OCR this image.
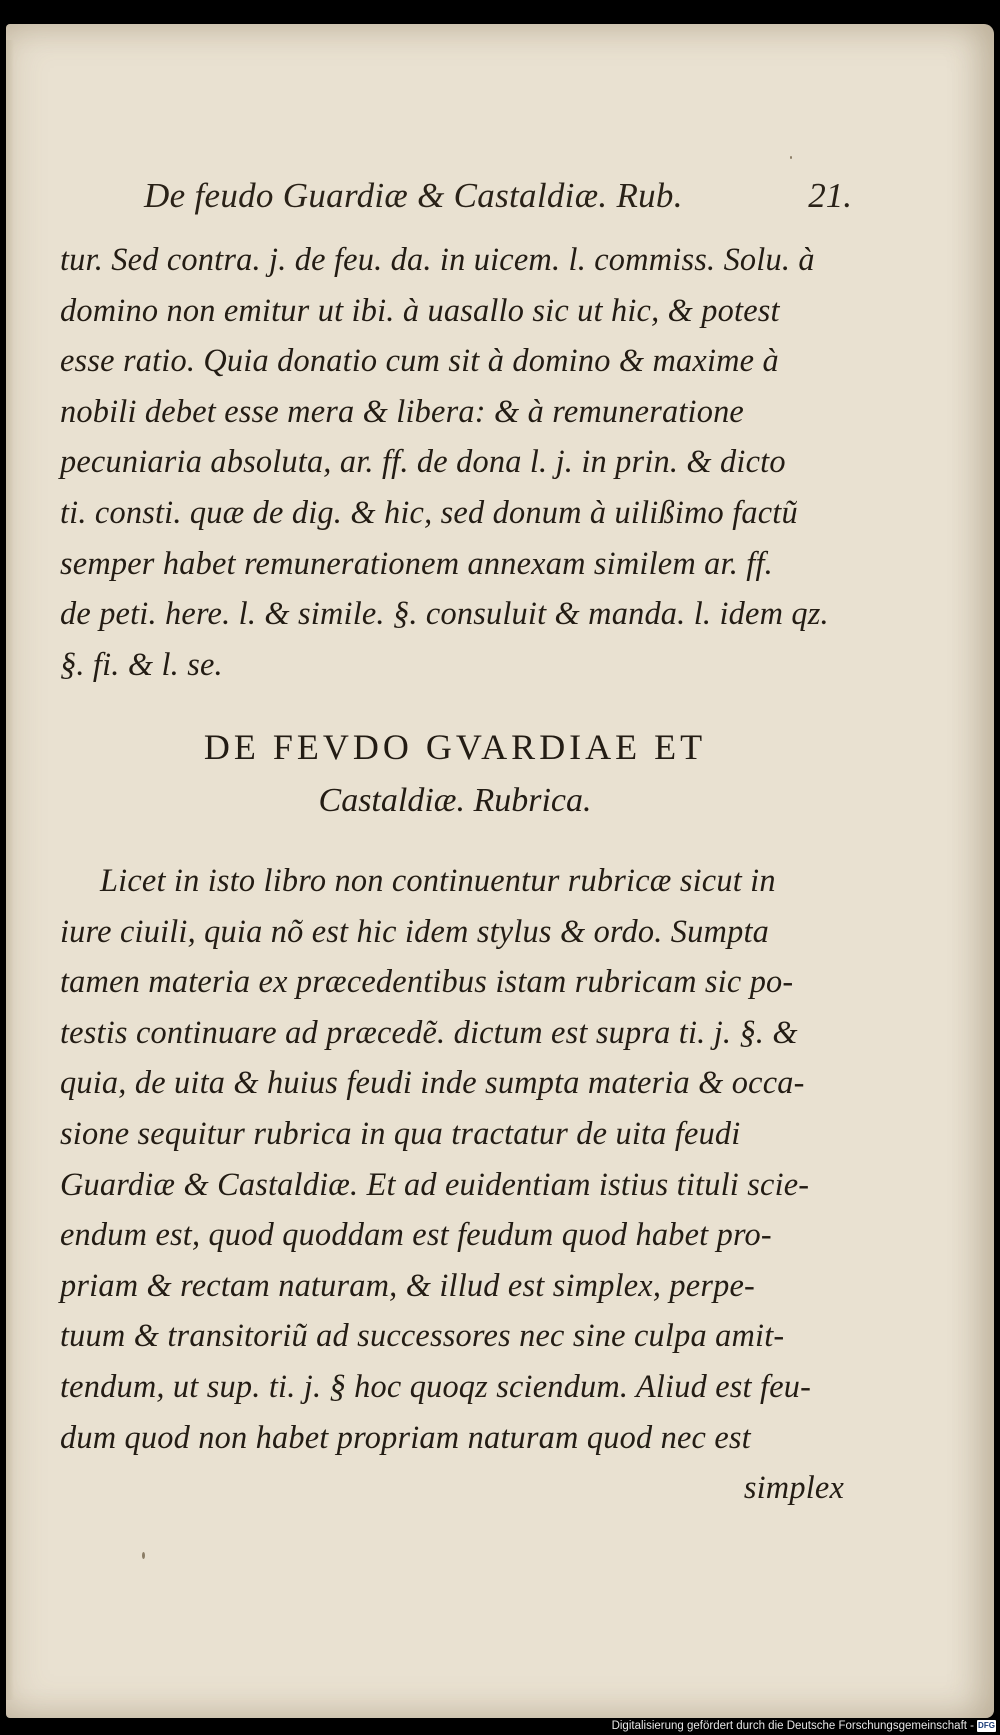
De feudo Guardiæ & Castaldiæ. Rub.	21.
tur. Sed contra. j. de feu. da. in uicem. l. commiss. Solu. à
domino non emitur ut ibi. à uasallo sic ut hic, & potest
esse ratio. Quia donatio cum sit à domino & maxime à
nobili debet esse mera & libera: & à remuneratione
pecuniaria absoluta, ar. ff. de dona l. j. in prin. & dicto
ti. consti. quæ de dig. & hic, sed donum à uilißimo factũ
semper habet remunerationem annexam similem ar. ff.
de peti. here. l. & simile. §. consuluit & manda. l. idem qz.
§. fi. & l. se.
DE FEVDO GVARDIAE ET
Castaldiæ. Rubrica.
Licet in isto libro non continuentur rubricæ sicut in
iure ciuili, quia nõ est hic idem stylus & ordo. Sumpta
tamen materia ex præcedentibus istam rubricam sic po-
testis continuare ad præcedẽ. dictum est supra ti. j. §. &
quia, de uita & huius feudi inde sumpta materia & occa-
sione sequitur rubrica in qua tractatur de uita feudi
Guardiæ & Castaldiæ. Et ad euidentiam istius tituli scie-
endum est, quod quoddam est feudum quod habet pro-
priam & rectam naturam, & illud est simplex, perpe-
tuum & transitoriũ ad successores nec sine culpa amit-
tendum, ut sup. ti. j. § hoc quoqz sciendum. Aliud est feu-
dum quod non habet propriam naturam quod nec est
simplex
Digitalisierung gefördert durch die Deutsche Forschungsgemeinschaft - DFG
